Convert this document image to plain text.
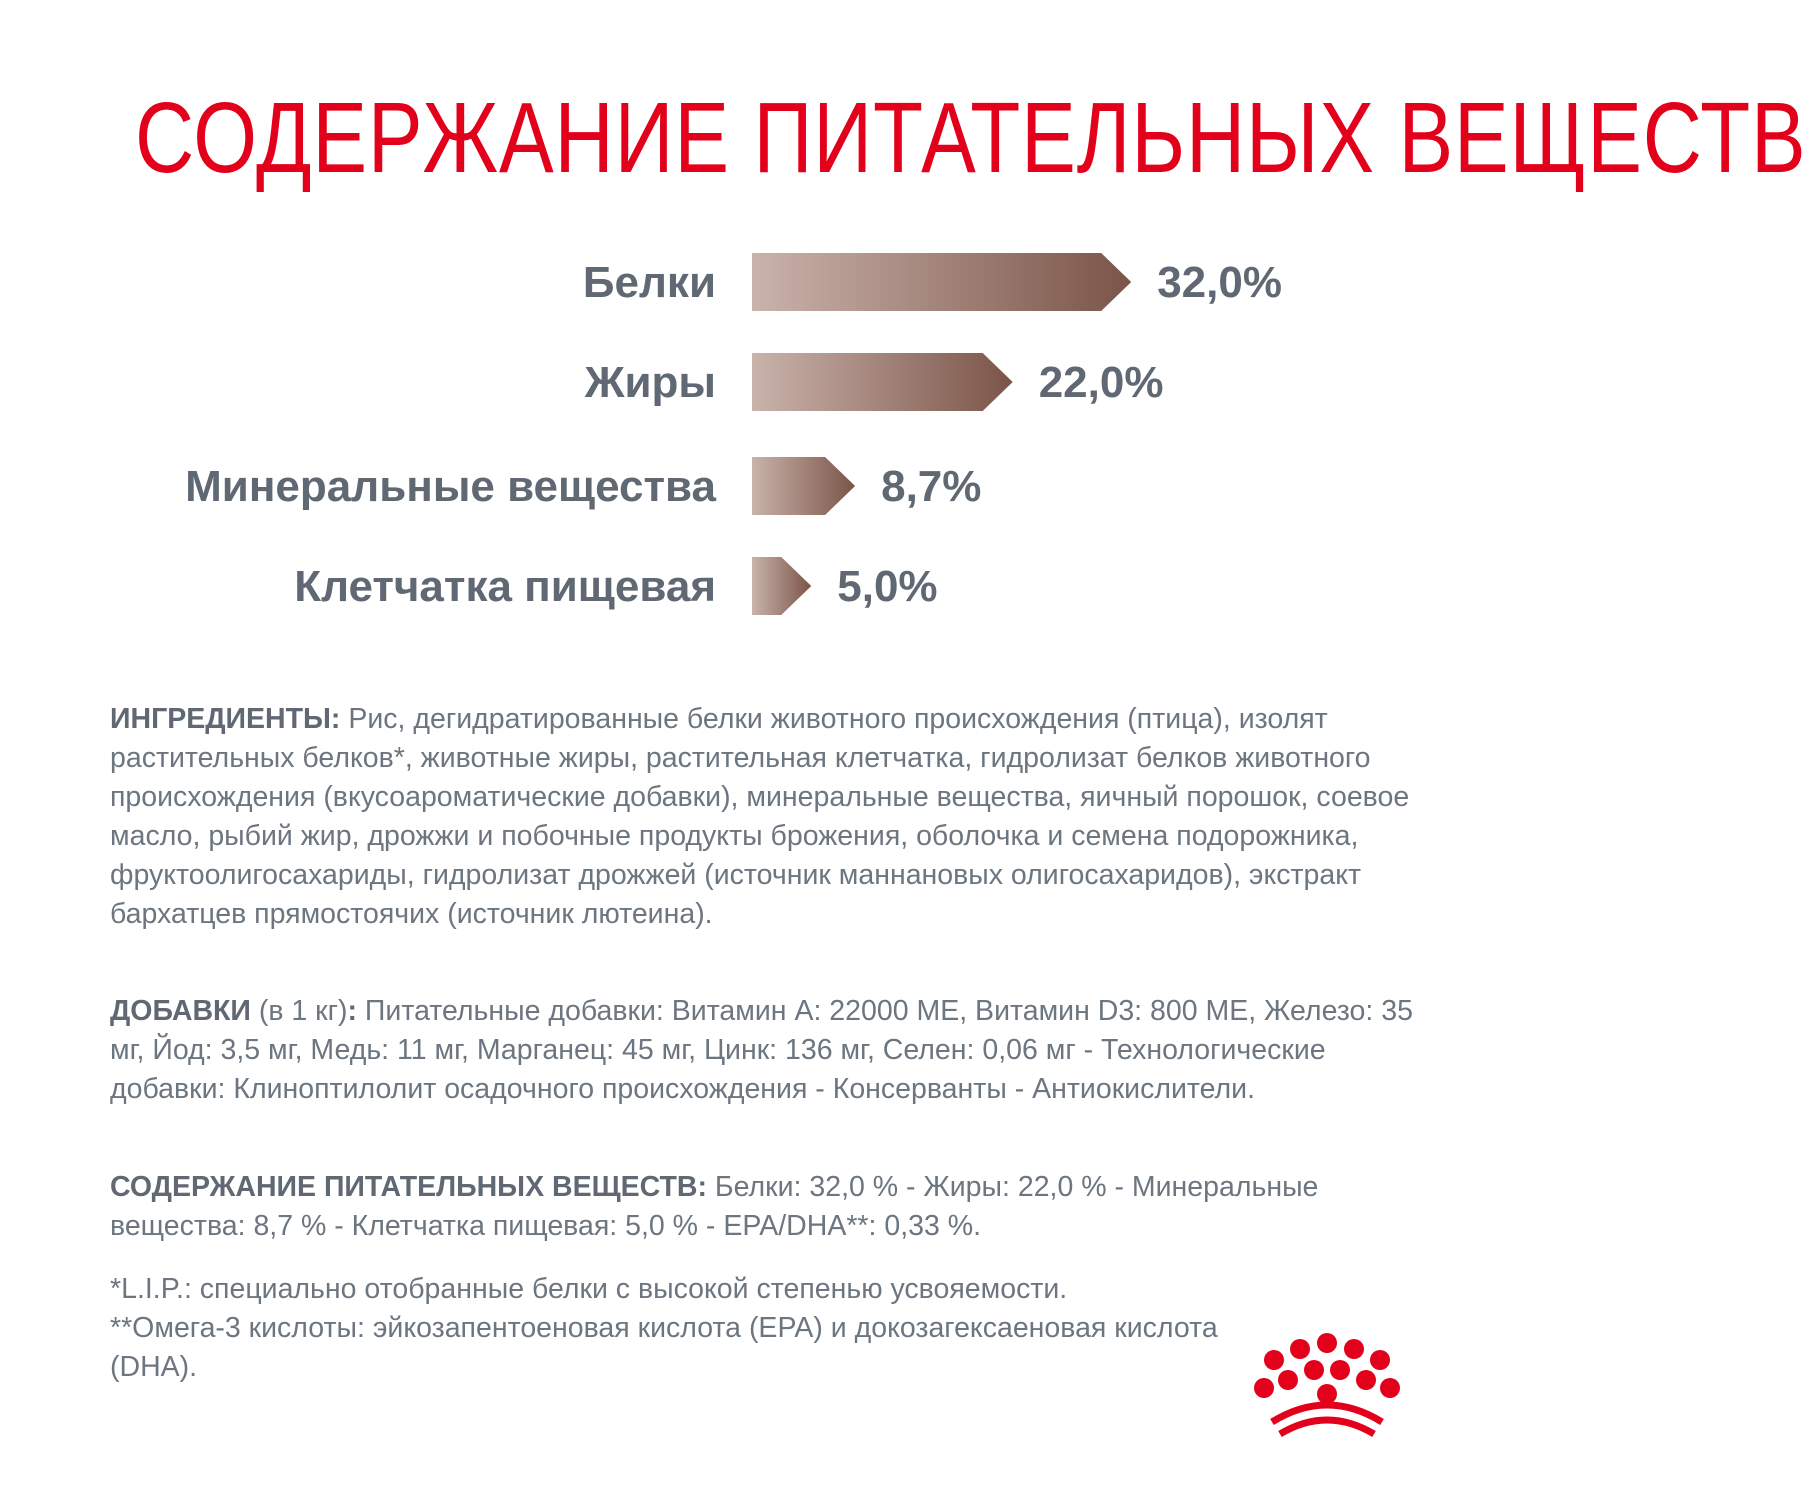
СОДЕРЖАНИЕ ПИТАТЕЛЬНЫХ ВЕЩЕСТВ
Белки	32,0%
Жиры	22,0%
Минеральные вещества	8,7%
Клетчатка пищевая	5,0%
ИНГРЕДИЕНТЫ: Рис, дегидратированные белки животного происхождения (птица), изолят растительных белков*, животные жиры, растительная клетчатка, гидролизат белков животного происхождения (вкусоароматические добавки), минеральные вещества, яичный порошок, соевое масло, рыбий жир, дрожжи и побочные продукты брожения, оболочка и семена подорожника, фруктоолигосахариды, гидролизат дрожжей (источник маннановых олигосахаридов), экстракт бархатцев прямостоячих (источник лютеина).
ДОБАВКИ (в 1 кг): Питательные добавки: Витамин A: 22000 МЕ, Витамин D3: 800 МЕ, Железо: 35 мг, Йод: 3,5 мг, Медь: 11 мг, Марганец: 45 мг, Цинк: 136 мг, Селен: 0,06 мг - Технологические добавки: Клиноптилолит осадочного происхождения - Консерванты - Антиокислители.
СОДЕРЖАНИЕ ПИТАТЕЛЬНЫХ ВЕЩЕСТВ: Белки: 32,0 % - Жиры: 22,0 % - Минеральные вещества: 8,7 % - Клетчатка пищевая: 5,0 % - EPA/DHA**: 0,33 %.
*L.I.P.: специально отобранные белки с высокой степенью усвояемости.
**Омега-3 кислоты: эйкозапентоеновая кислота (EPA) и докозагексаеновая кислота (DHA).
